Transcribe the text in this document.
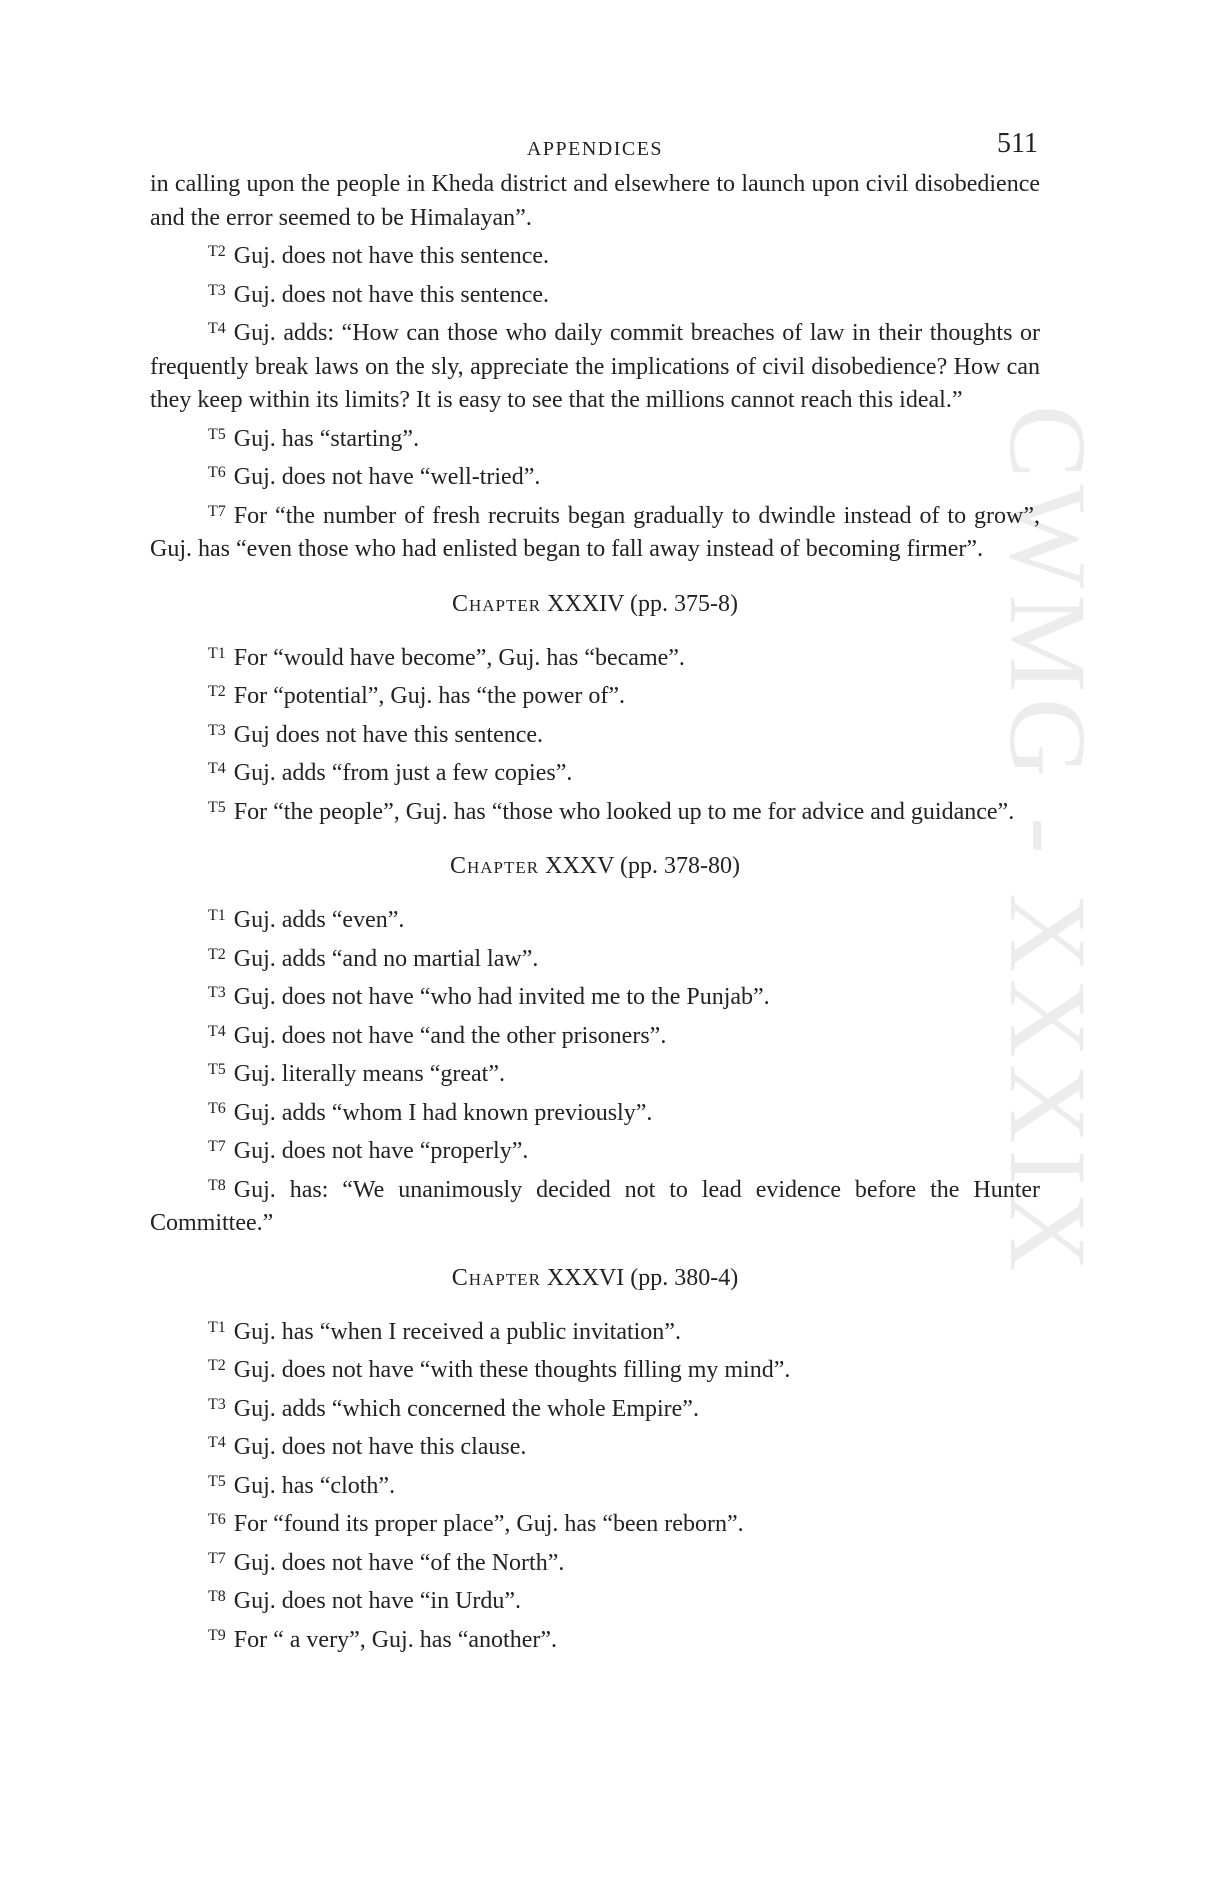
CWMG - XXXIX
APPENDICES	511

in calling upon the people in Kheda district and elsewhere to launch upon civil disobedience and the error seemed to be Himalayan”.

$^{T2}$ Guj. does not have this sentence.

$^{T3}$ Guj. does not have this sentence.

$^{T4}$ Guj. adds: “How can those who daily commit breaches of law in their thoughts or frequently break laws on the sly, appreciate the implications of civil disobedience? How can they keep within its limits? It is easy to see that the millions cannot reach this ideal.”

$^{T5}$ Guj. has “starting”.

$^{T6}$ Guj. does not have “well-tried”.

$^{T7}$ For “the number of fresh recruits began gradually to dwindle instead of to grow”, Guj. has “even those who had enlisted began to fall away instead of becoming firmer”.

Chapter XXXIV (pp. 375-8)

$^{T1}$ For “would have become”, Guj. has “became”.

$^{T2}$ For “potential”, Guj. has “the power of”.

$^{T3}$ Guj does not have this sentence.

$^{T4}$ Guj. adds “from just a few copies”.

$^{T5}$ For “the people”, Guj. has “those who looked up to me for advice and guidance”.

Chapter XXXV (pp. 378-80)

$^{T1}$ Guj. adds “even”.

$^{T2}$ Guj. adds “and no martial law”.

$^{T3}$ Guj. does not have “who had invited me to the Punjab”.

$^{T4}$ Guj. does not have “and the other prisoners”.

$^{T5}$ Guj. literally means “great”.

$^{T6}$ Guj. adds “whom I had known previously”.

$^{T7}$ Guj. does not have “properly”.

$^{T8}$ Guj. has: “We unanimously decided not to lead evidence before the Hunter Committee.”

Chapter XXXVI (pp. 380-4)

$^{T1}$ Guj. has “when I received a public invitation”.

$^{T2}$ Guj. does not have “with these thoughts filling my mind”.

$^{T3}$ Guj. adds “which concerned the whole Empire”.

$^{T4}$ Guj. does not have this clause.

$^{T5}$ Guj. has “cloth”.

$^{T6}$ For “found its proper place”, Guj. has “been reborn”.

$^{T7}$ Guj. does not have “of the North”.

$^{T8}$ Guj. does not have “in Urdu”.

$^{T9}$ For “ a very”, Guj. has “another”.
